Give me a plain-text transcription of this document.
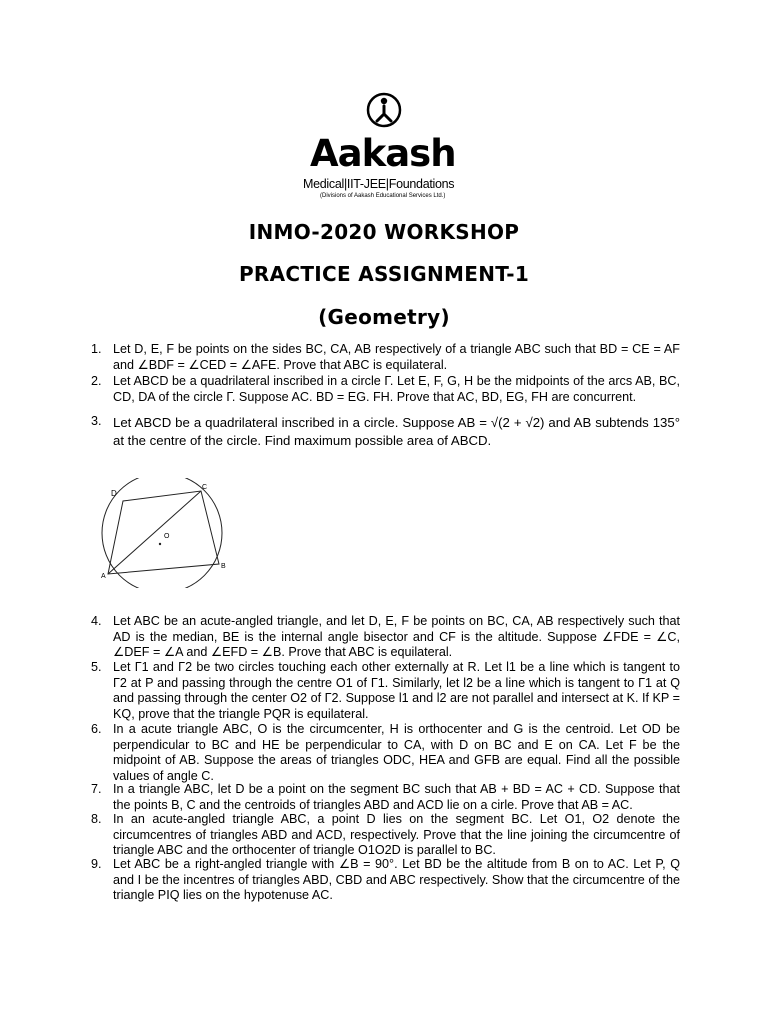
Aakash
Medical|IIT-JEE|Foundations
(Divisions of Aakash Educational Services Ltd.)
INMO-2020 WORKSHOP
PRACTICE ASSIGNMENT-1
(Geometry)
1. Let D, E, F be points on the sides BC, CA, AB respectively of a triangle ABC such that BD = CE = AF and ∠BDF = ∠CED = ∠AFE. Prove that ABC is equilateral.
2. Let ABCD be a quadrilateral inscribed in a circle Γ. Let E, F, G, H be the midpoints of the arcs AB, BC, CD, DA of the circle Γ. Suppose AC. BD = EG. FH. Prove that AC, BD, EG, FH are concurrent.
3. Let ABCD be a quadrilateral inscribed in a circle. Suppose AB = √(2 + √2) and AB subtends 135° at the centre of the circle. Find maximum possible area of ABCD.
4. Let ABC be an acute-angled triangle, and let D, E, F be points on BC, CA, AB respectively such that AD is the median, BE is the internal angle bisector and CF is the altitude. Suppose ∠FDE = ∠C, ∠DEF = ∠A and ∠EFD = ∠B. Prove that ABC is equilateral.
5. Let Γ1 and Γ2 be two circles touching each other externally at R. Let l1 be a line which is tangent to Γ2 at P and passing through the centre O1 of Γ1. Similarly, let l2 be a line which is tangent to Γ1 at Q and passing through the center O2 of Γ2. Suppose l1 and l2 are not parallel and intersect at K. If KP = KQ, prove that the triangle PQR is equilateral.
6. In a acute triangle ABC, O is the circumcenter, H is orthocenter and G is the centroid. Let OD be perpendicular to BC and HE be perpendicular to CA, with D on BC and E on CA. Let F be the midpoint of AB. Suppose the areas of triangles ODC, HEA and GFB are equal. Find all the possible values of angle C.
7. In a triangle ABC, let D be a point on the segment BC such that AB + BD = AC + CD. Suppose that the points B, C and the centroids of triangles ABD and ACD lie on a cirle. Prove that AB = AC.
8. In an acute-angled triangle ABC, a point D lies on the segment BC. Let O1, O2 denote the circumcentres of triangles ABD and ACD, respectively. Prove that the line joining the circumcentre of triangle ABC and the orthocenter of triangle O1O2D is parallel to BC.
9. Let ABC be a right-angled triangle with ∠B = 90°. Let BD be the altitude from B on to AC. Let P, Q and I be the incentres of triangles ABD, CBD and ABC respectively. Show that the circumcentre of the triangle PIQ lies on the hypotenuse AC.
D
C
O
A
B
